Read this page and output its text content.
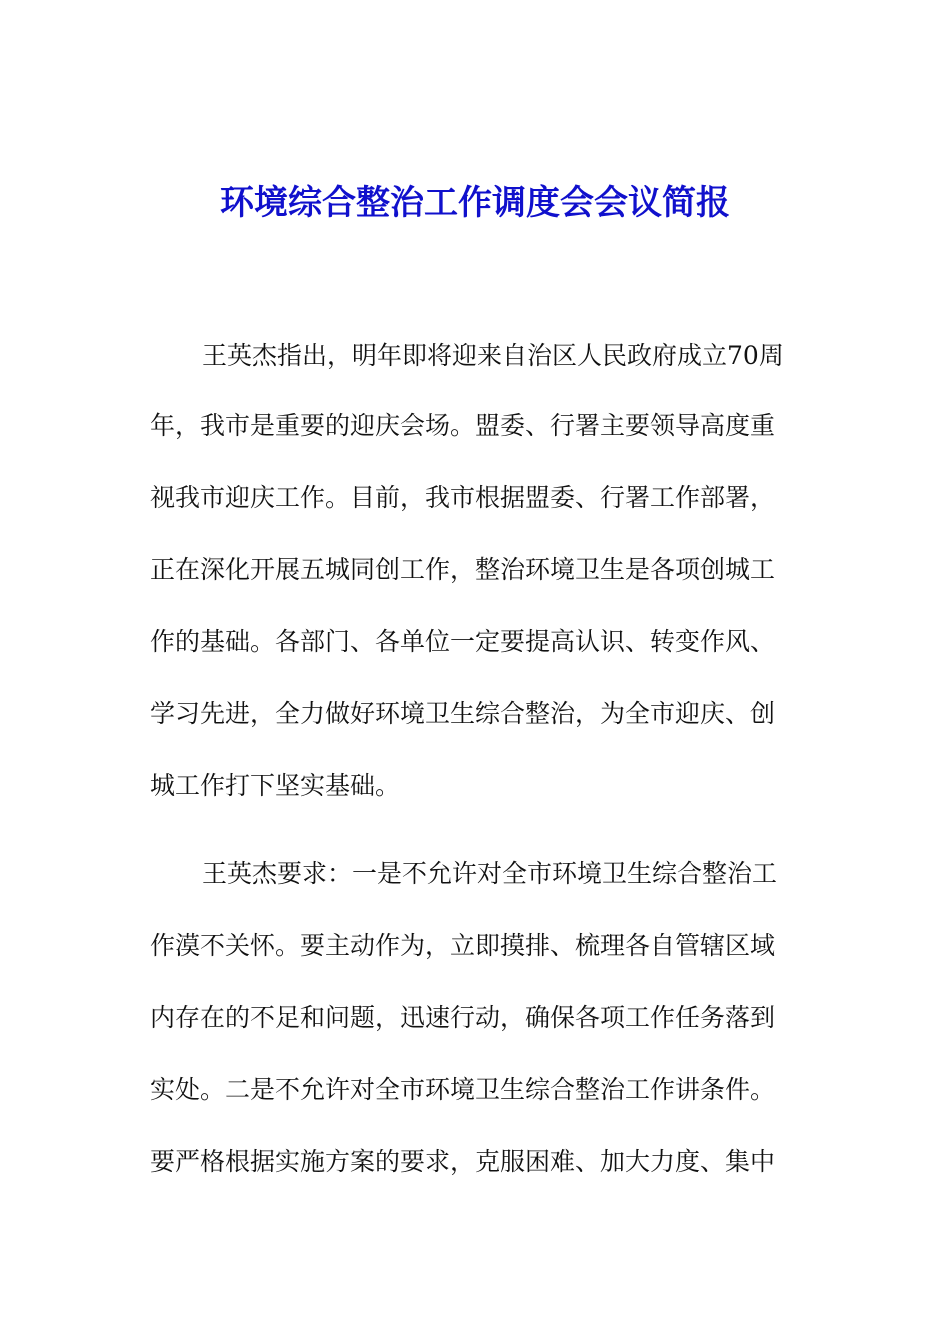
环境综合整治工作调度会会议简报
王英杰指出，明年即将迎来自治区人民政府成立70周
年，我市是重要的迎庆会场。盟委、行署主要领导高度重
视我市迎庆工作。目前，我市根据盟委、行署工作部署，
正在深化开展五城同创工作，整治环境卫生是各项创城工
作的基础。各部门、各单位一定要提高认识、转变作风、
学习先进，全力做好环境卫生综合整治，为全市迎庆、创
城工作打下坚实基础。
王英杰要求：一是不允许对全市环境卫生综合整治工
作漠不关怀。要主动作为，立即摸排、梳理各自管辖区域
内存在的不足和问题，迅速行动，确保各项工作任务落到
实处。二是不允许对全市环境卫生综合整治工作讲条件。
要严格根据实施方案的要求，克服困难、加大力度、集中
